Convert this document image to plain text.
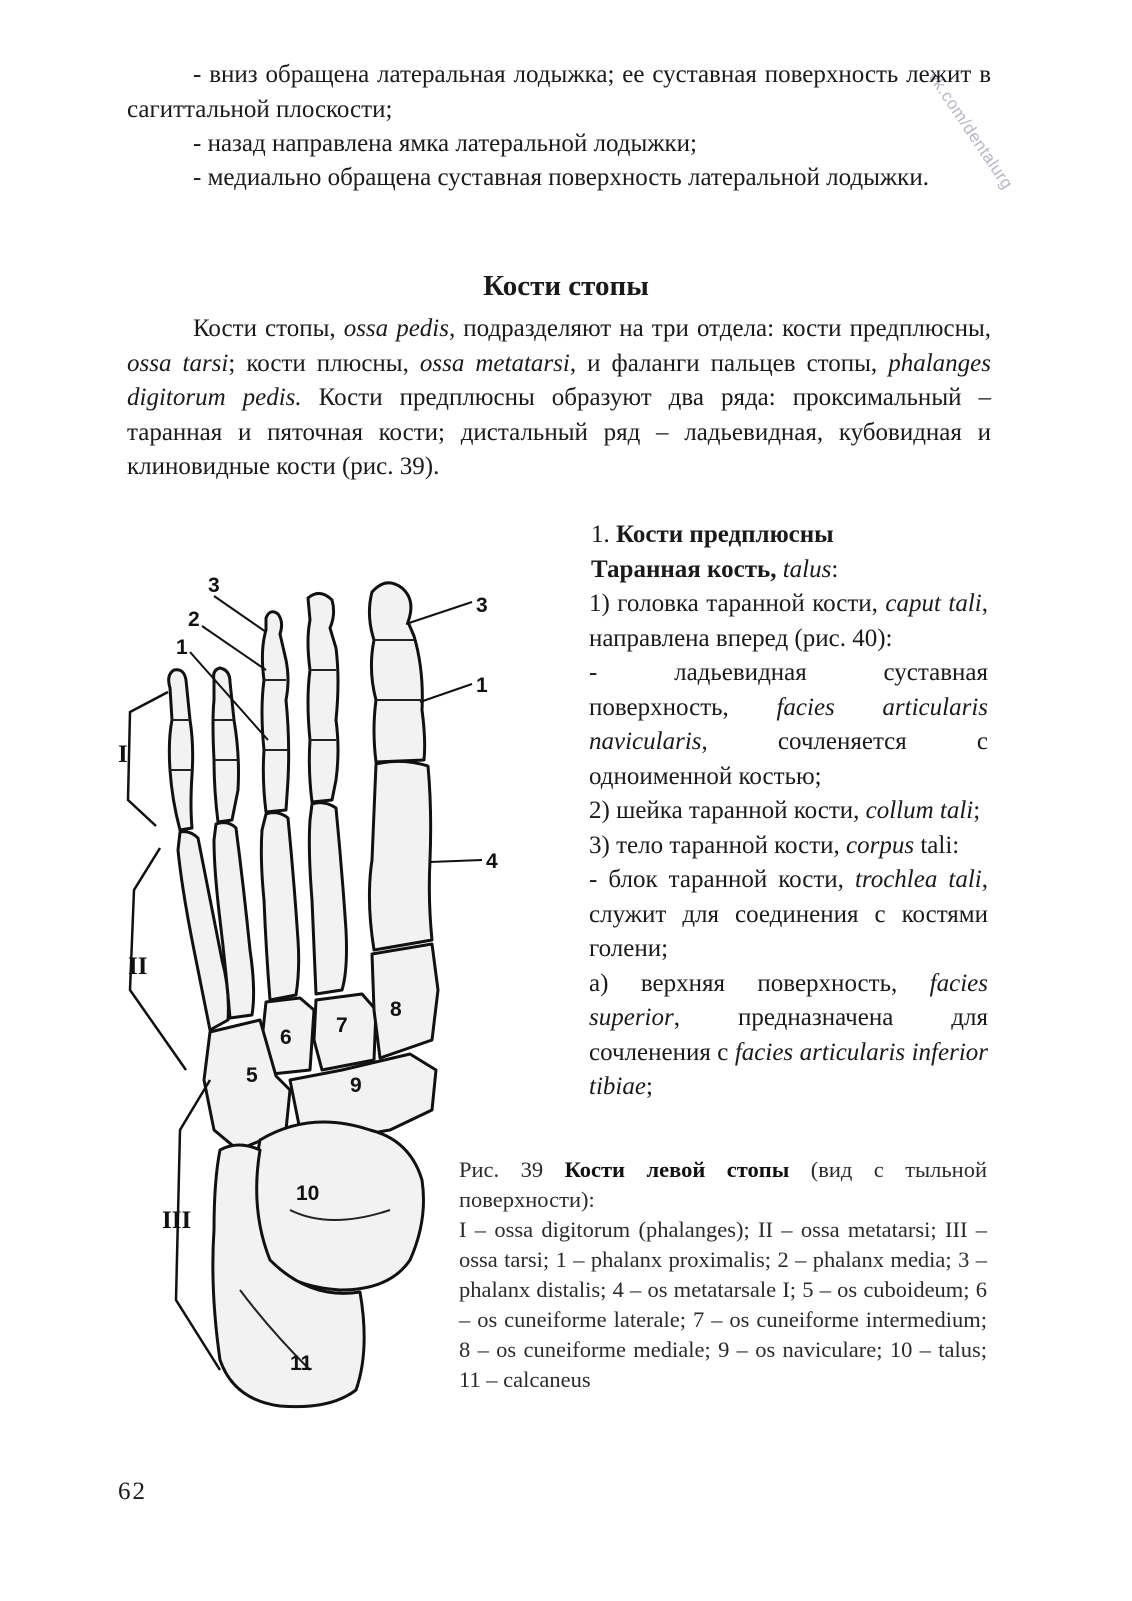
vk.com/dentalurg
- вниз обращена латеральная лодыжка; ее суставная поверхность лежит в сагиттальной плоскости;
- назад направлена ямка латеральной лодыжки;
- медиально обращена суставная поверхность латеральной лодыжки.
Кости стопы
Кости стопы, ossa pedis, подразделяют на три отдела: кости предплюсны, ossa tarsi; кости плюсны, ossa metatarsi, и фаланги пальцев стопы, phalanges digitorum pedis. Кости предплюсны образуют два ряда: проксимальный – таранная и пяточная кости; дистальный ряд – ладьевидная, кубовидная и клиновидные кости (рис. 39).
1. Кости предплюсны
Таранная кость, talus:
1) головка таранной кости, caput tali, направлена вперед (рис. 40):
- ладьевидная суставная поверхность, facies articularis navicularis, сочленяется с одноименной костью;
2) шейка таранной кости, collum tali;
3) тело таранной кости, corpus tali:
- блок таранной кости, trochlea tali, служит для соединения с костями голени;
а) верхняя поверхность, facies superior, предназначена для сочленения с facies articularis inferior tibiae;
3
2
1
3
1
4
6
7
8
5	9
10
11
I
II
III
Рис. 39 Кости левой стопы (вид с тыльной поверхности):
I – ossa digitorum (phalanges); II – ossa metatarsi; III – ossa tarsi; 1 – phalanx proximalis; 2 – phalanx media; 3 – phalanx distalis; 4 – os metatarsale I; 5 – os cuboideum; 6 – os cuneiforme laterale; 7 – os cuneiforme intermedium; 8 – os cuneiforme mediale; 9 – os naviculare; 10 – talus; 11 – calcaneus
62
